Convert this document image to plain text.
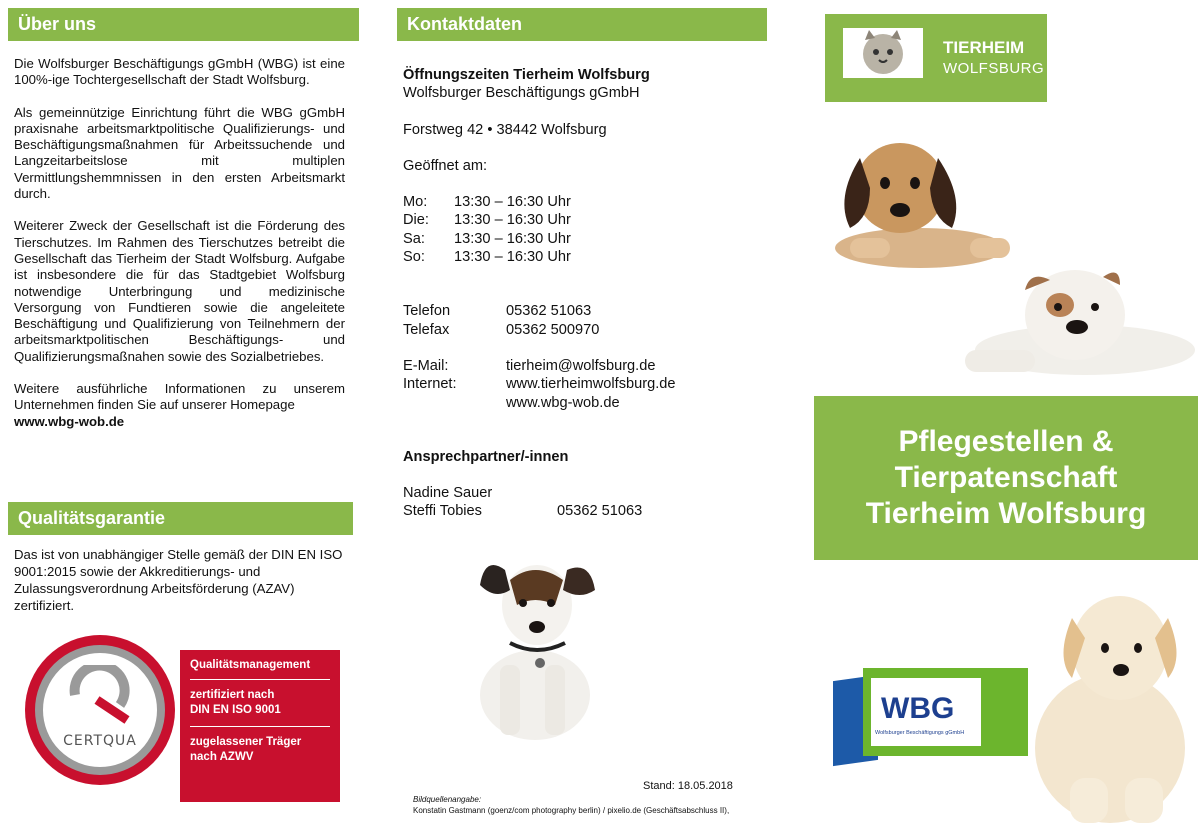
Über uns

Die Wolfsburger Beschäftigungs gGmbH (WBG) ist eine 100%-ige Tochtergesellschaft der Stadt Wolfsburg.

Als gemeinnützige Einrichtung führt die WBG gGmbH praxisnahe arbeitsmarktpolitische Qualifizierungs- und Beschäftigungsmaßnahmen für Arbeitssuchende und Langzeitarbeitslose mit multiplen Vermittlungshemmnissen in den ersten Arbeitsmarkt durch.

Weiterer Zweck der Gesellschaft ist die Förderung des Tierschutzes. Im Rahmen des Tierschutzes betreibt die Gesellschaft das Tierheim der Stadt Wolfsburg. Aufgabe ist insbesondere die für das Stadtgebiet Wolfsburg notwendige Unterbringung und medizinische Versorgung von Fundtieren sowie die angeleitete Beschäftigung und Qualifizierung von Teilnehmern der arbeitsmarktpolitischen Beschäftigungs- und Qualifizierungsmaßnahen sowie des Sozialbetriebes.

Weitere ausführliche Informationen zu unserem Unternehmen finden Sie auf unserer Homepage
www.wbg-wob.de

Qualitätsgarantie
Das ist von unabhängiger Stelle gemäß der DIN EN ISO 9001:2015 sowie der Akkreditierungs- und Zulassungsverordnung Arbeitsförderung (AZAV) zertifiziert.
CERTQUA
Qualitätsmanagement
zertifiziert nach
DIN EN ISO 9001
zugelassener Träger
nach AZWV
Kontaktdaten
Öffnungszeiten Tierheim Wolfsburg
Wolfsburger Beschäftigungs gGmbH
Forstweg 42 • 38442 Wolfsburg
Geöffnet am:
Mo:	13:30 – 16:30 Uhr
Die:	13:30 – 16:30 Uhr
Sa:	13:30 – 16:30 Uhr
So:	13:30 – 16:30 Uhr
Telefon	05362 51063
Telefax	05362 500970
E-Mail:	tierheim@wolfsburg.de
Internet:	www.tierheimwolfsburg.de
www.wbg-wob.de
Ansprechpartner/-innen
Nadine Sauer
Steffi Tobies	05362 51063
Stand: 18.05.2018
Bildquellenangabe:
Konstatin Gastmann (goenz/com photography berlin) / pixelio.de (Geschäftsabschluss II),
TIERHEIM
WOLFSBURG
Pflegestellen &
Tierpatenschaft
Tierheim Wolfsburg
WBG
Wolfsburger Beschäftigungs gGmbH
